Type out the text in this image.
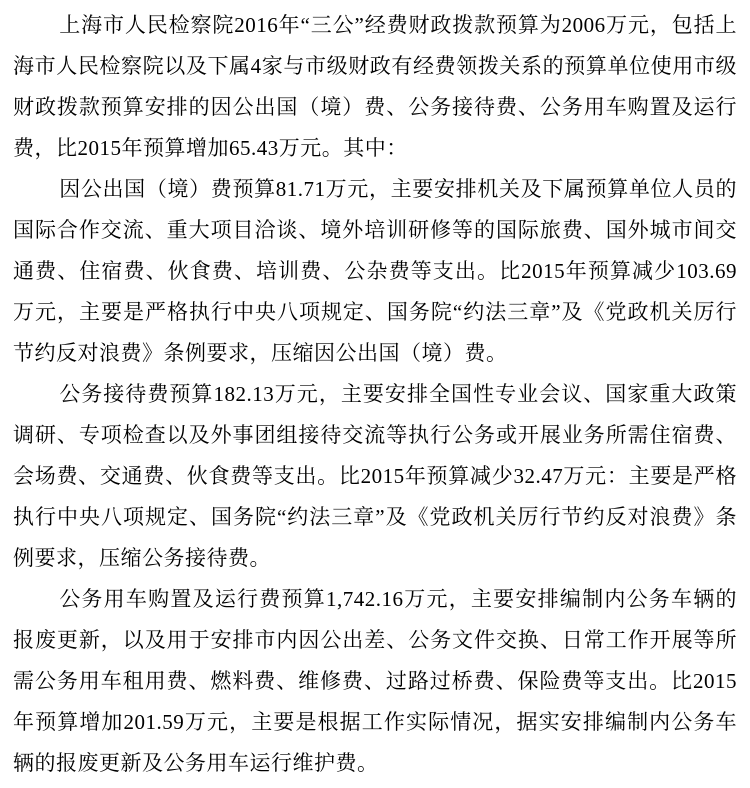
上海市人民检察院2016年“三公”经费财政拨款预算为2006万元，包括上海市人民检察院以及下属4家与市级财政有经费领拨关系的预算单位使用市级财政拨款预算安排的因公出国（境）费、公务接待费、公务用车购置及运行费，比2015年预算增加65.43万元。其中：

因公出国（境）费预算81.71万元，主要安排机关及下属预算单位人员的国际合作交流、重大项目洽谈、境外培训研修等的国际旅费、国外城市间交通费、住宿费、伙食费、培训费、公杂费等支出。比2015年预算减少103.69万元，主要是严格执行中央八项规定、国务院“约法三章”及《党政机关厉行节约反对浪费》条例要求，压缩因公出国（境）费。

公务接待费预算182.13万元，主要安排全国性专业会议、国家重大政策调研、专项检查以及外事团组接待交流等执行公务或开展业务所需住宿费、会场费、交通费、伙食费等支出。比2015年预算减少32.47万元：主要是严格执行中央八项规定、国务院“约法三章”及《党政机关厉行节约反对浪费》条例要求，压缩公务接待费。

公务用车购置及运行费预算1,742.16万元，主要安排编制内公务车辆的报废更新，以及用于安排市内因公出差、公务文件交换、日常工作开展等所需公务用车租用费、燃料费、维修费、过路过桥费、保险费等支出。比2015年预算增加201.59万元，主要是根据工作实际情况，据实安排编制内公务车辆的报废更新及公务用车运行维护费。
